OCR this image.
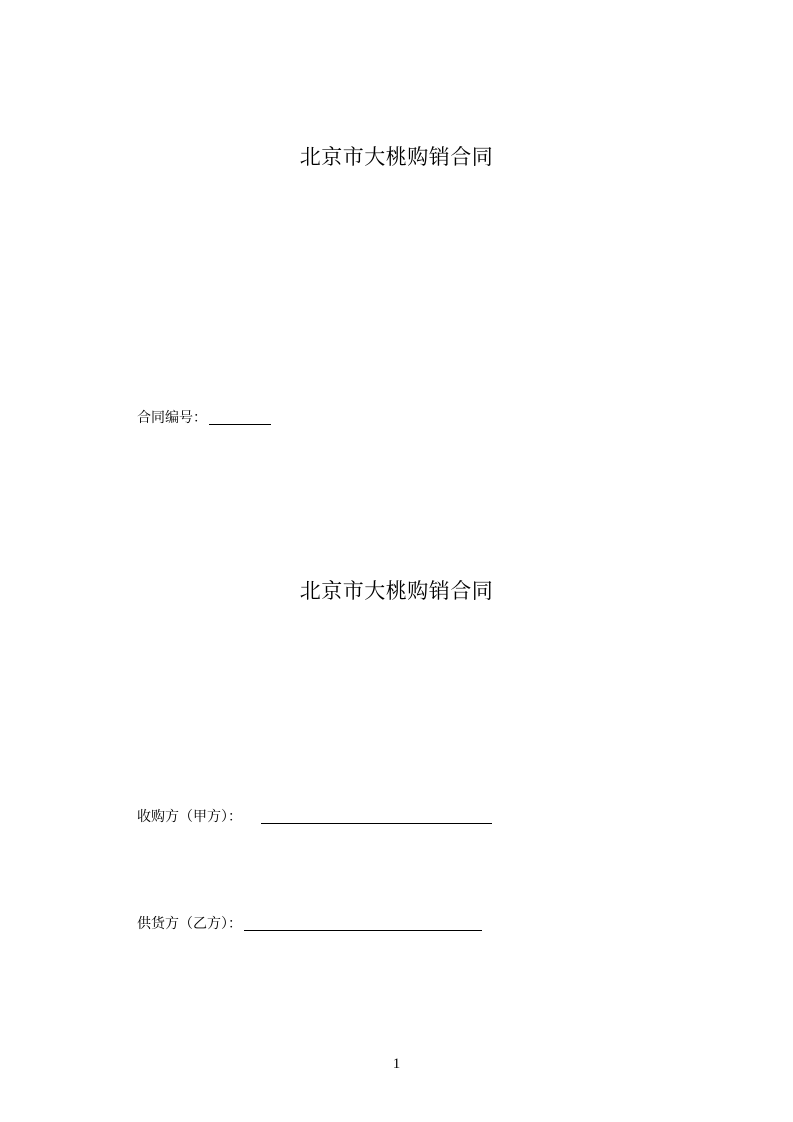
北京市大桃购销合同
合同编号：
北京市大桃购销合同
收购方（甲方）：
供货方（乙方）：
1
